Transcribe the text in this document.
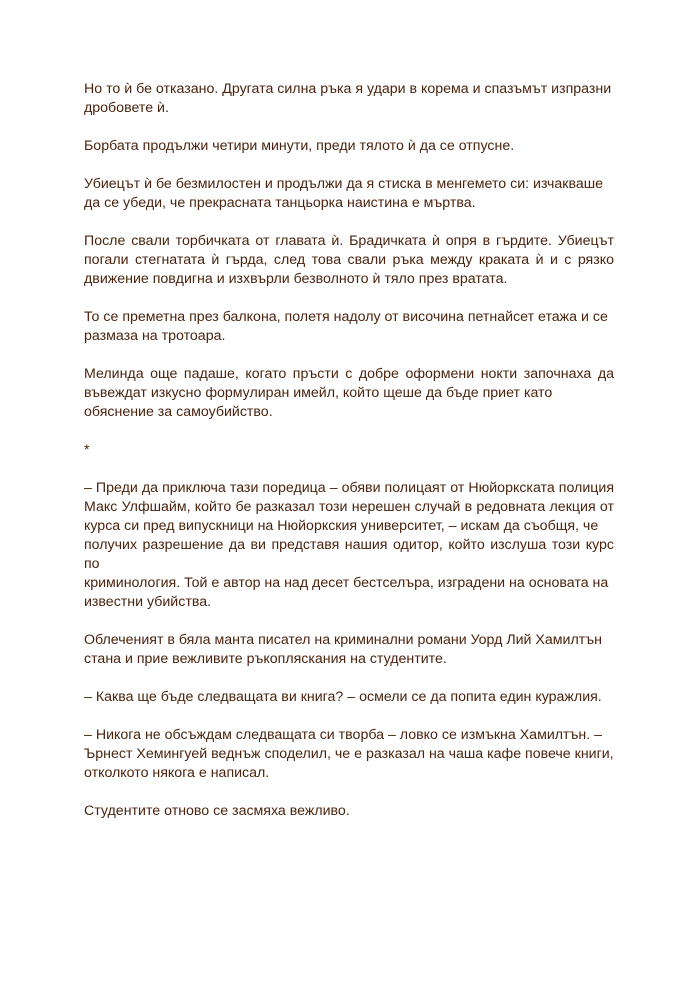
Но то ѝ бе отказано. Другата силна ръка я удари в корема и спазъмът изпразни
дробовете ѝ.

Борбата продължи четири минути, преди тялото ѝ да се отпусне.

Убиецът ѝ бе безмилостен и продължи да я стиска в менгемето си: изчакваше
да се убеди, че прекрасната танцьорка наистина е мъртва.

После свали торбичката от главата ѝ. Брадичката ѝ опря в гърдите. Убиецът погали стегнатата ѝ гърда, след това свали ръка между краката ѝ и с рязко движение повдигна и изхвърли безволното ѝ тяло през вратата.

То се преметна през балкона, полетя надолу от височина петнайсет етажа и се
размаза на тротоара.

Мелинда още падаше, когато пръсти с добре оформени нокти започнаха да въвеждат изкусно формулиран имейл, който щеше да бъде приет като
обяснение за самоубийство.

*

– Преди да приключа тази поредица – обяви полицаят от Нюйоркската полиция Макс Улфшайм, който бе разказал този нерешен случай в редовната лекция от курса си пред випускници на Нюйоркския университет, – искам да съобщя, че
получих разрешение да ви представя нашия одитор, който изслуша този курс по
криминология. Той е автор на над десет бестселъра, изградени на основата на
известни убийства.

Облеченият в бяла манта писател на криминални романи Уорд Лий Хамилтън
стана и прие вежливите ръкопляскания на студентите.

– Каква ще бъде следващата ви книга? – осмели се да попита един куражлия.

– Никога не обсъждам следващата си творба – ловко се измъкна Хамилтън. –
Ърнест Хемингуей веднъж споделил, че е разказал на чаша кафе повече книги,
отколкото някога е написал.

Студентите отново се засмяха вежливо.
